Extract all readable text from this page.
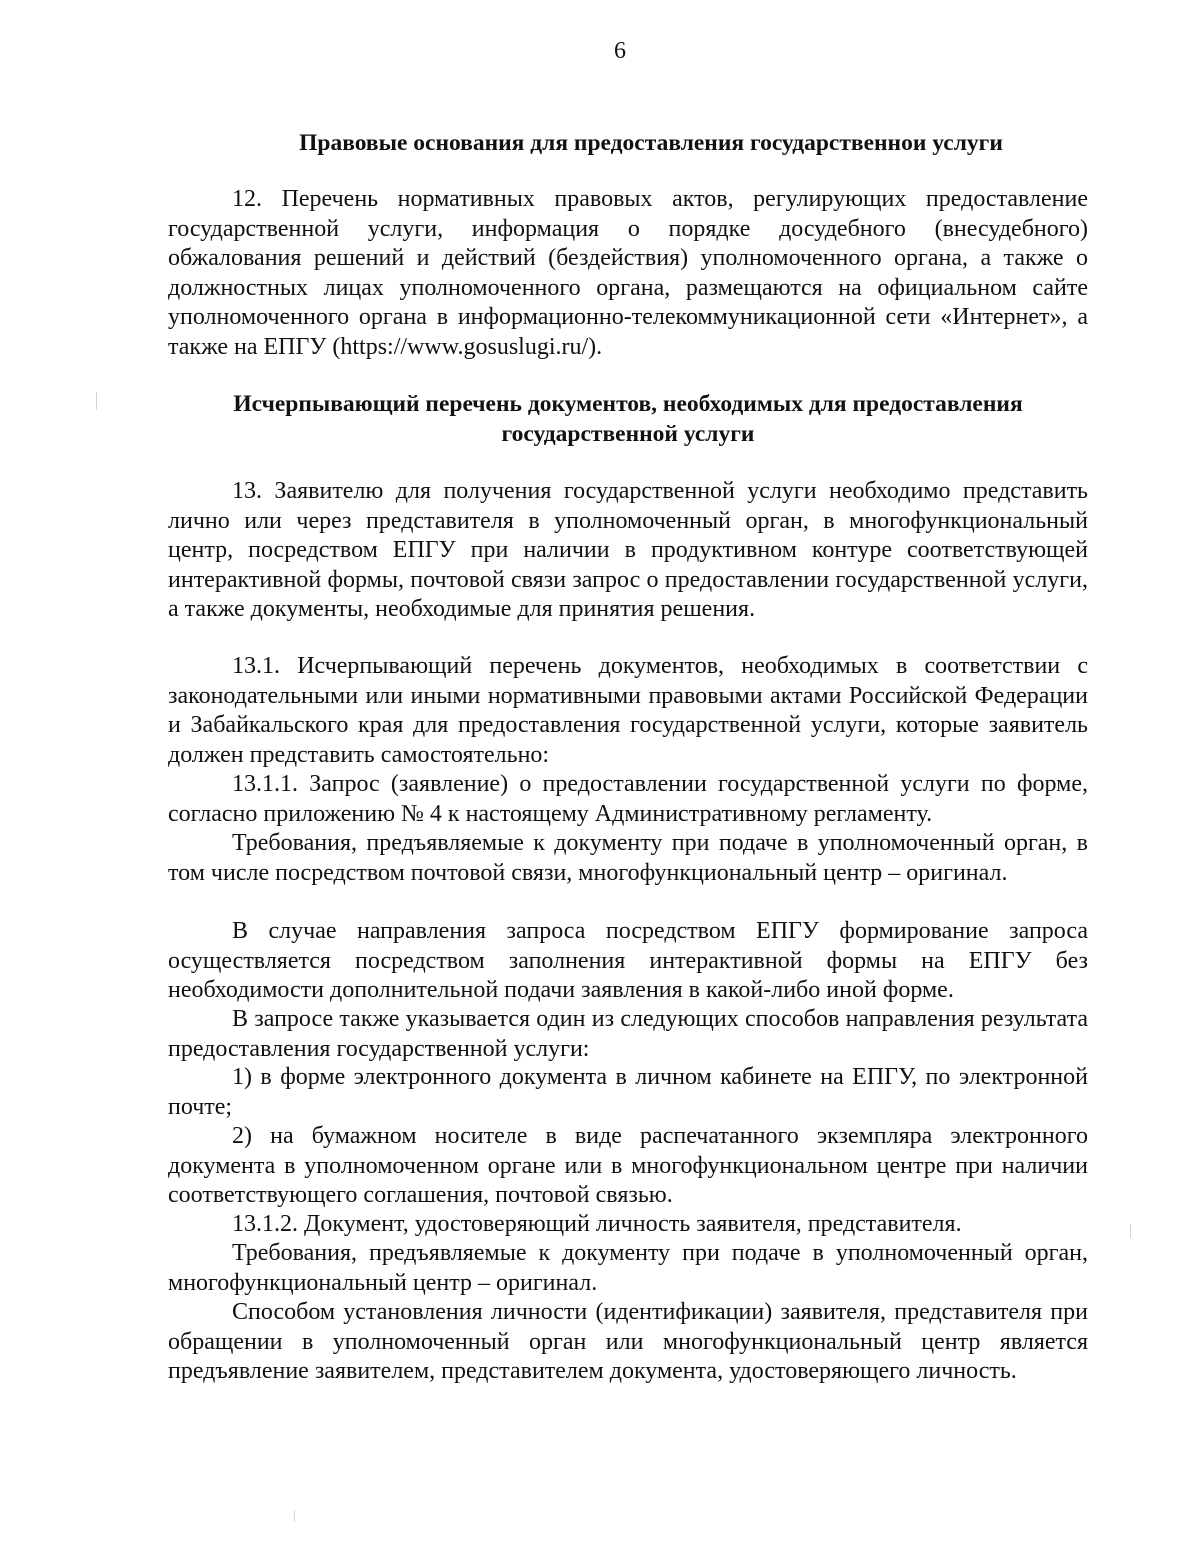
6
Правовые основания для предоставления государственнои услуги

12. Перечень нормативных правовых актов, регулирующих предоставление государственной услуги, информация о порядке досудебного (внесудебного) обжалования решений и действий (бездействия) уполномоченного органа, а также о должностных лицах уполномоченного органа, размещаются на официальном сайте уполномоченного органа в информационно-телекоммуникационной сети «Интернет», а также на ЕПГУ (https://www.gosuslugi.ru/).

Исчерпывающий перечень документов, необходимых для предоставления государственной услуги

13. Заявителю для получения государственной услуги необходимо представить лично или через представителя в уполномоченный орган, в многофункциональный центр, посредством ЕПГУ при наличии в продуктивном контуре соответствующей интерактивной формы, почтовой связи запрос о предоставлении государственной услуги, а также документы, необходимые для принятия решения.

13.1. Исчерпывающий перечень документов, необходимых в соответствии с законодательными или иными нормативными правовыми актами Российской Федерации и Забайкальского края для предоставления государственной услуги, которые заявитель должен представить самостоятельно:

13.1.1. Запрос (заявление) о предоставлении государственной услуги по форме, согласно приложению № 4 к настоящему Административному регламенту.

Требования, предъявляемые к документу при подаче в уполномоченный орган, в том числе посредством почтовой связи, многофункциональный центр – оригинал.

В случае направления запроса посредством ЕПГУ формирование запроса осуществляется посредством заполнения интерактивной формы на ЕПГУ без необходимости дополнительной подачи заявления в какой-либо иной форме.

В запросе также указывается один из следующих способов направления результата предоставления государственной услуги:

1) в форме электронного документа в личном кабинете на ЕПГУ, по электронной почте;

2) на бумажном носителе в виде распечатанного экземпляра электронного документа в уполномоченном органе или в многофункциональном центре при наличии соответствующего соглашения, почтовой связью.

13.1.2. Документ, удостоверяющий личность заявителя, представителя.

Требования, предъявляемые к документу при подаче в уполномоченный орган, многофункциональный центр – оригинал.

Способом установления личности (идентификации) заявителя, представителя при обращении в уполномоченный орган или многофункциональный центр является предъявление заявителем, представителем документа, удостоверяющего личность.
